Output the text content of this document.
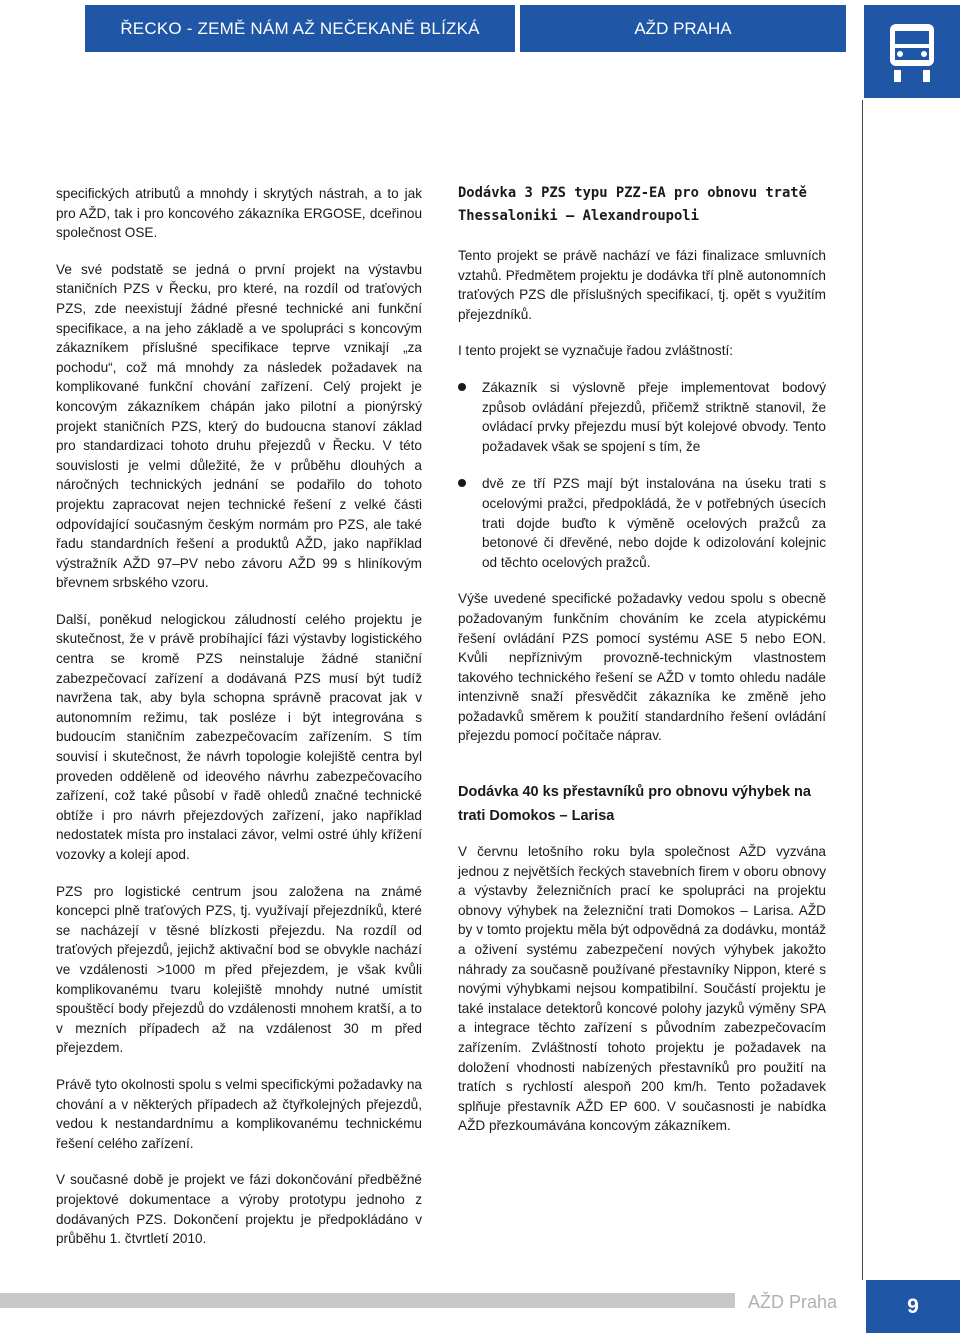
ŘECKO - ZEMĚ NÁM AŽ NEČEKANĚ BLÍZKÁ	AŽD PRAHA

specifických atributů a mnohdy i skrytých nástrah, a to jak pro AŽD, tak i pro koncového zákazníka ERGOSE, dceřinou společnost OSE.

Ve své podstatě se jedná o první projekt na výstavbu staničních PZS v Řecku, pro které, na rozdíl od traťových PZS, zde neexistují žádné přesné technické ani funkční specifikace, a na jeho základě a ve spolupráci s koncovým zákazníkem příslušné specifikace teprve vznikají „za pochodu“, což má mnohdy za následek požadavek na komplikované funkční chování zařízení. Celý projekt je koncovým zákazníkem chápán jako pilotní a pionýrský projekt staničních PZS, který do budoucna stanoví základ pro standardizaci tohoto druhu přejezdů v Řecku. V této souvislosti je velmi důležité, že v průběhu dlouhých a náročných technických jednání se podařilo do tohoto projektu zapracovat nejen technické řešení z velké části odpovídající současným českým normám pro PZS, ale také řadu standardních řešení a produktů AŽD, jako například výstražník AŽD 97–PV nebo závoru AŽD 99 s hliníkovým břevnem srbského vzoru.

Další, poněkud nelogickou záludností celého projektu je skutečnost, že v právě probíhající fázi výstavby logistického centra se kromě PZS neinstaluje žádné staniční zabezpečovací zařízení a dodávaná PZS musí být tudíž navržena tak, aby byla schopna správně pracovat jak v autonomním režimu, tak posléze i být integrována s budoucím staničním zabezpečovacím zařízením. S tím souvisí i skutečnost, že návrh topologie kolejiště centra byl proveden odděleně od ideového návrhu zabezpečovacího zařízení, což také působí v řadě ohledů značné technické obtíže i pro návrh přejezdových zařízení, jako například nedostatek místa pro instalaci závor, velmi ostré úhly křížení vozovky a kolejí apod.

PZS pro logistické centrum jsou založena na známé koncepci plně traťových PZS, tj. využívají přejezdníků, které se nacházejí v těsné blízkosti přejezdu. Na rozdíl od traťových přejezdů, jejichž aktivační bod se obvykle nachází ve vzdálenosti >1000 m před přejezdem, je však kvůli komplikovanému tvaru kolejiště mnohdy nutné umístit spouštěcí body přejezdů do vzdálenosti mnohem kratší, a to v mezních případech až na vzdálenost 30 m před přejezdem.

Právě tyto okolnosti spolu s velmi specifickými požadavky na chování a v některých případech až čtyřkolejných přejezdů, vedou k nestandardnímu a komplikovanému technickému řešení celého zařízení.

V současné době je projekt ve fázi dokončování předběžné projektové dokumentace a výroby prototypu jednoho z dodávaných PZS. Dokončení projektu je předpokládáno v průběhu 1. čtvrtletí 2010.

Dodávka 3 PZS typu PZZ-EA pro obnovu tratě Thessaloniki – Alexandroupoli

Tento projekt se právě nachází ve fázi finalizace smluvních vztahů. Předmětem projektu je dodávka tří plně autonomních traťových PZS dle příslušných specifikací, tj. opět s využitím přejezdníků.

I tento projekt se vyznačuje řadou zvláštností:

Zákazník si výslovně přeje implementovat bodový způsob ovládání přejezdů, přičemž striktně stanovil, že ovládací prvky přejezdu musí být kolejové obvody. Tento požadavek však se spojení s tím, že
dvě ze tří PZS mají být instalována na úseku trati s ocelovými pražci, předpokládá, že v potřebných úsecích trati dojde buďto k výměně ocelových pražců za betonové či dřevěné, nebo dojde k odizolování kolejnic od těchto ocelových pražců.

Výše uvedené specifické požadavky vedou spolu s obecně požadovaným funkčním chováním ke zcela atypickému řešení ovládání PZS pomocí systému ASE 5 nebo EON. Kvůli nepříznivým provozně-technickým vlastnostem takového technického řešení se AŽD v tomto ohledu nadále intenzivně snaží přesvědčit zákazníka ke změně jeho požadavků směrem k použití standardního řešení ovládání přejezdu pomocí počítače náprav.

Dodávka 40 ks přestavníků pro obnovu výhybek na trati Domokos – Larisa

V červnu letošního roku byla společnost AŽD vyzvána jednou z největších řeckých stavebních firem v oboru obnovy a výstavby železničních prací ke spolupráci na projektu obnovy výhybek na železniční trati Domokos – Larisa. AŽD by v tomto projektu měla být odpovědná za dodávku, montáž a oživení systému zabezpečení nových výhybek jakožto náhrady za současně používané přestavníky Nippon, které s novými výhybkami nejsou kompatibilní. Součástí projektu je také instalace detektorů koncové polohy jazyků výměny SPA a integrace těchto zařízení s původním zabezpečovacím zařízením. Zvláštností tohoto projektu je požadavek na doložení vhodnosti nabízených přestavníků pro použití na tratích s rychlostí alespoň 200 km/h. Tento požadavek splňuje přestavník AŽD EP 600. V současnosti je nabídka AŽD přezkoumávána koncovým zákazníkem.

AŽD Praha	9
